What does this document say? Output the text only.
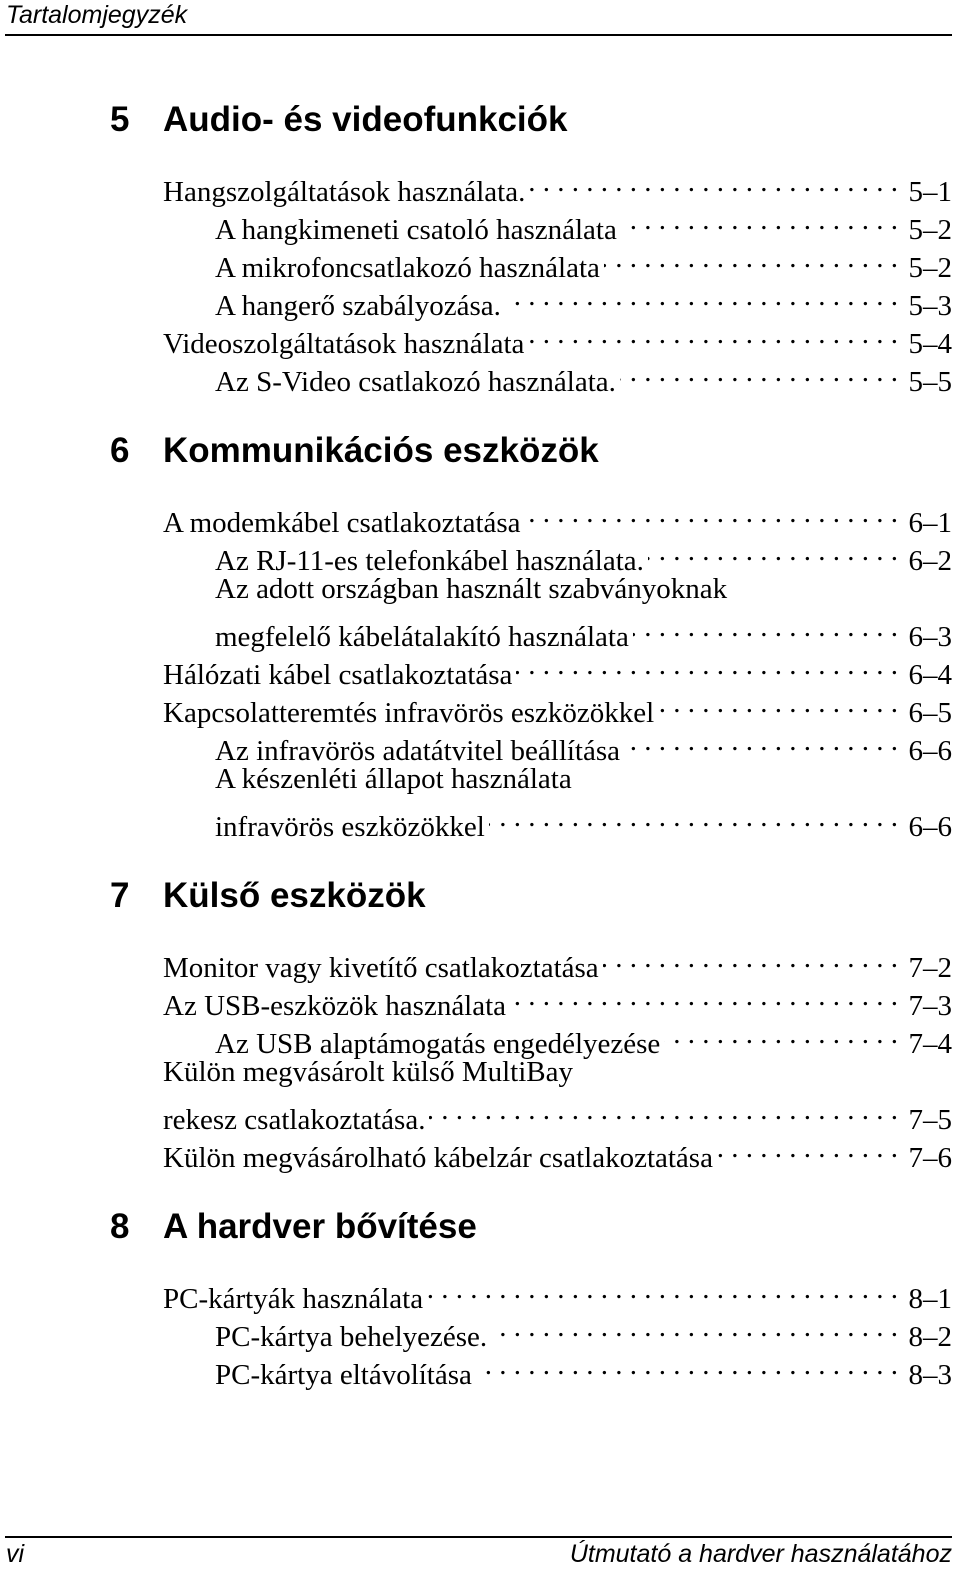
Tartalomjegyzék
5 Audio- és videofunkciók
Hangszolgáltatások használata. . . .	5–1
A hangkimeneti csatoló használata . . .	5–2
A mikrofoncsatlakozó használata . . .	5–2
A hangerő szabályozása. . . .	5–3
Videoszolgáltatások használata . . .	5–4
Az S-Video csatlakozó használata. . . .	5–5
6 Kommunikációs eszközök
A modemkábel csatlakoztatása . . .	6–1
Az RJ-11-es telefonkábel használata. . . .	6–2
Az adott országban használt szabványoknak
megfelelő kábelátalakító használata . . .	6–3
Hálózati kábel csatlakoztatása . . .	6–4
Kapcsolatteremtés infravörös eszközökkel . . .	6–5
Az infravörös adatátvitel beállítása . . .	6–6
A készenléti állapot használata
infravörös eszközökkel . . .	6–6
7 Külső eszközök
Monitor vagy kivetítő csatlakoztatása . . .	7–2
Az USB-eszközök használata . . .	7–3
Az USB alaptámogatás engedélyezése . . .	7–4
Külön megvásárolt külső MultiBay
rekesz csatlakoztatása. . . .	7–5
Külön megvásárolható kábelzár csatlakoztatása . . .	7–6
8 A hardver bővítése
PC-kártyák használata . . .	8–1
PC-kártya behelyezése. . . .	8–2
PC-kártya eltávolítása . . .	8–3
vi	Útmutató a hardver használatához
